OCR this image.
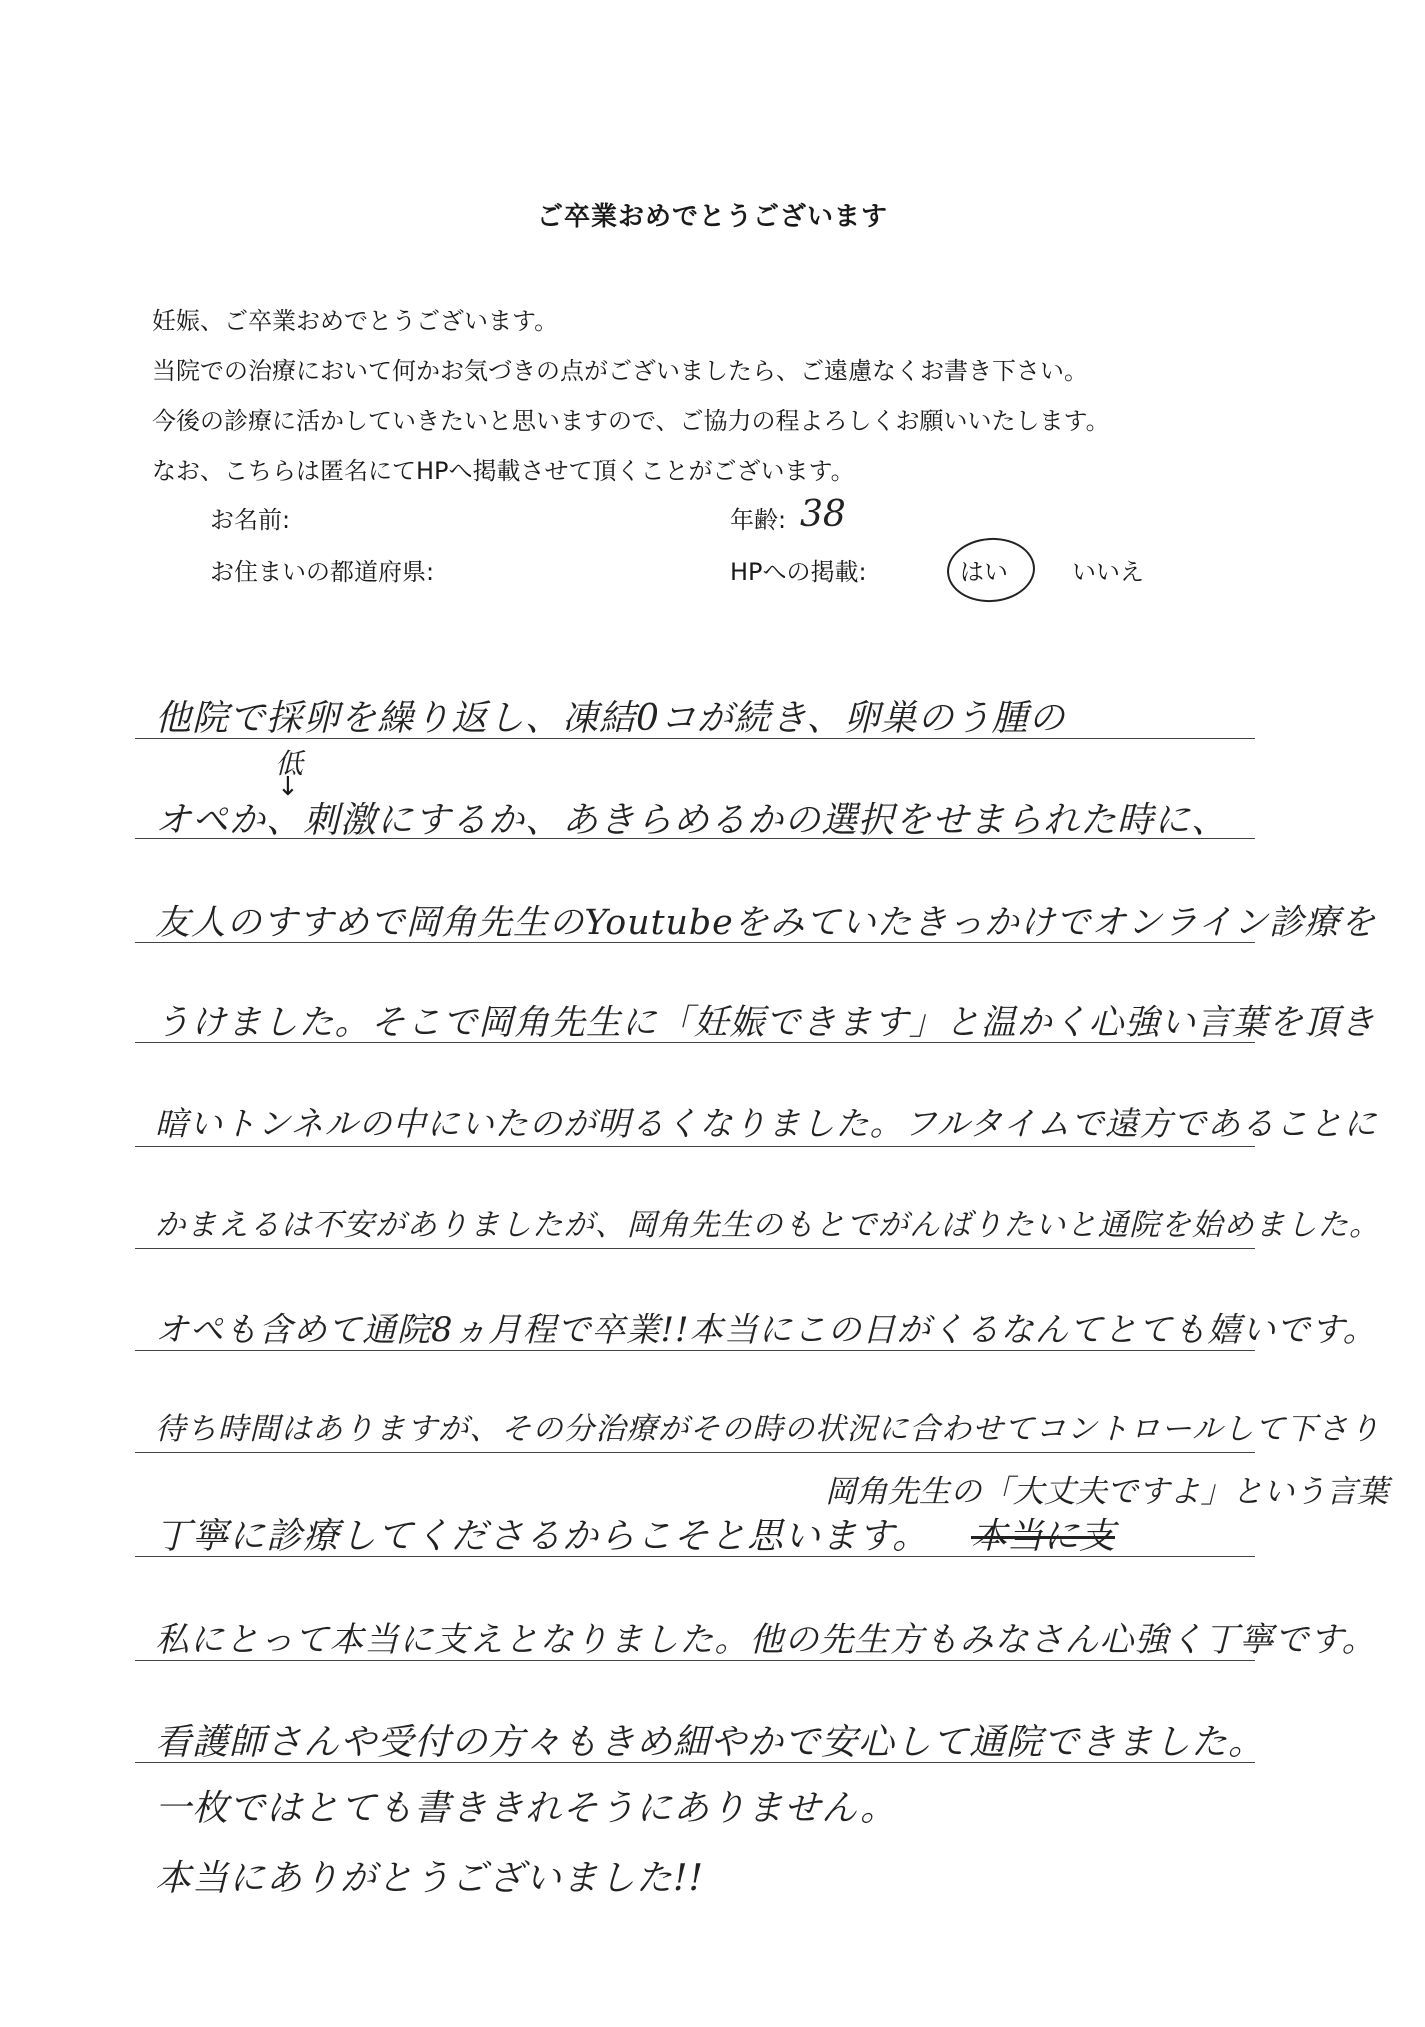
ご卒業おめでとうございます
妊娠、ご卒業おめでとうございます。
当院での治療において何かお気づきの点がございましたら、ご遠慮なくお書き下さい。
今後の診療に活かしていきたいと思いますので、ご協力の程よろしくお願いいたします。
なお、こちらは匿名にてHPへ掲載させて頂くことがございます。
お名前:	年齢: 38
お住まいの都道府県:	HPへの掲載:	はい	いいえ
他院で採卵を繰り返し、凍結0コが続き、卵巣のう腫の
低
↓
オペか、刺激にするか、あきらめるかの選択をせまられた時に、
友人のすすめで岡角先生のYoutubeをみていたきっかけでオンライン診療を
うけました。そこで岡角先生に「妊娠できます」と温かく心強い言葉を頂き
暗いトンネルの中にいたのが明るくなりました。フルタイムで遠方であることに
かまえるは不安がありましたが、岡角先生のもとでがんばりたいと通院を始めました。
オペも含めて通院8ヵ月程で卒業!!本当にこの日がくるなんてとても嬉いです。
待ち時間はありますが、その分治療がその時の状況に合わせてコントロールして下さり
岡角先生の「大丈夫ですよ」という言葉
丁寧に診療してくださるからこそと思います。 本当に支
私にとって本当に支えとなりました。他の先生方もみなさん心強く丁寧です。
看護師さんや受付の方々もきめ細やかで安心して通院できました。
一枚ではとても書ききれそうにありません。
本当にありがとうございました!!
